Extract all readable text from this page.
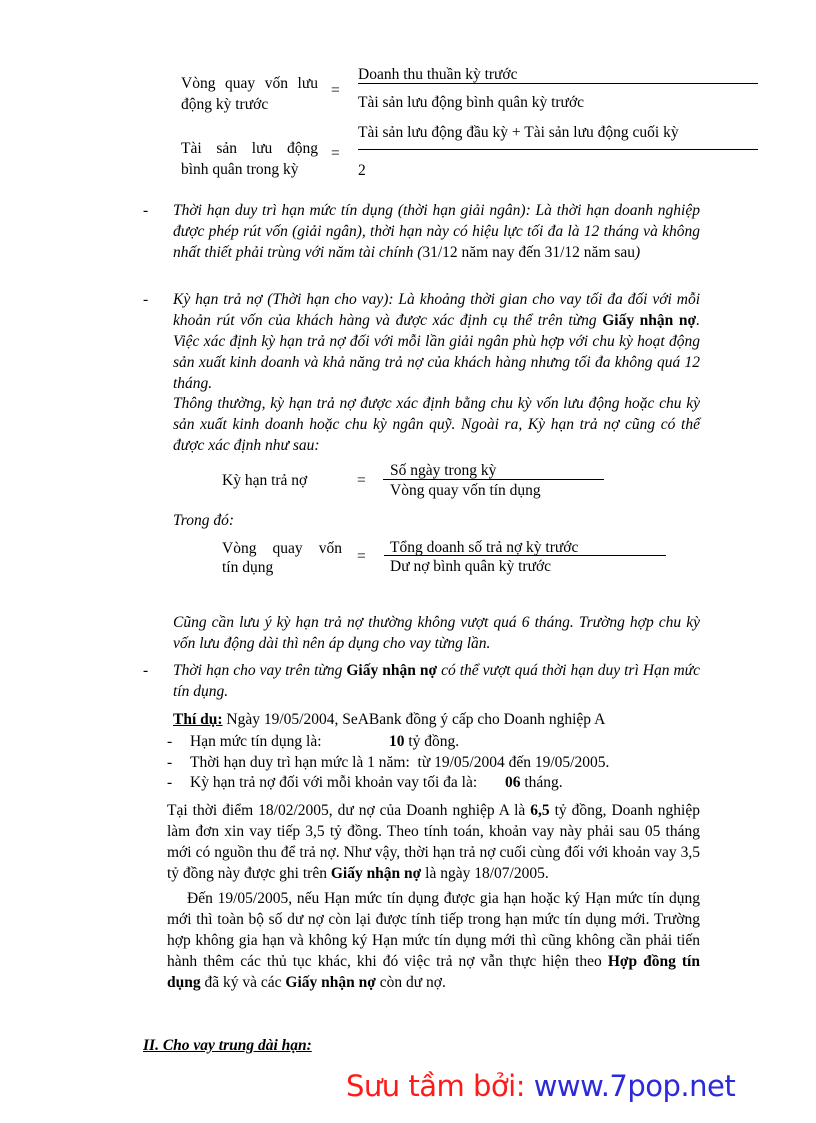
Vòng quay vốn lưu
động kỳ trước
=
Doanh thu thuần kỳ trước
Tài sản lưu động bình quân kỳ trước
Tài sản lưu động
bình quân trong kỳ
=
Tài sản lưu động đầu kỳ + Tài sản lưu động cuối kỳ
2
- Thời hạn duy trì hạn mức tín dụng (thời hạn giải ngân): Là thời hạn doanh nghiệp được phép rút vốn (giải ngân), thời hạn này có hiệu lực tối đa là 12 tháng và không nhất thiết phải trùng với năm tài chính (31/12 năm nay đến 31/12 năm sau)
- Kỳ hạn trả nợ (Thời hạn cho vay): Là khoảng thời gian cho vay tối đa đối với mỗi khoản rút vốn của khách hàng và được xác định cụ thể trên từng Giấy nhận nợ. Việc xác định kỳ hạn trả nợ đối với mỗi lần giải ngân phù hợp với chu kỳ hoạt động sản xuất kinh doanh và khả năng trả nợ của khách hàng nhưng tối đa không quá 12 tháng.
Thông thường, kỳ hạn trả nợ được xác định bằng chu kỳ vốn lưu động hoặc chu kỳ sản xuất kinh doanh hoặc chu kỳ ngân quỹ. Ngoài ra, Kỳ hạn trả nợ cũng có thể được xác định như sau:
Kỳ hạn trả nợ	=
Số ngày trong kỳ
Vòng quay vốn tín dụng
Trong đó:
Vòng quay vốn
tín dụng
=
Tổng doanh số trả nợ kỳ trước
Dư nợ bình quân kỳ trước
Cũng cần lưu ý kỳ hạn trả nợ thường không vượt quá 6 tháng. Trường hợp chu kỳ vốn lưu động dài thì nên áp dụng cho vay từng lần.
- Thời hạn cho vay trên từng Giấy nhận nợ có thể vượt quá thời hạn duy trì Hạn mức tín dụng.
Thí dụ: Ngày 19/05/2004, SeABank đồng ý cấp cho Doanh nghiệp A
- Hạn mức tín dụng là:	10 tỷ đồng.
- Thời hạn duy trì hạn mức là 1 năm:  từ 19/05/2004 đến 19/05/2005.
- Kỳ hạn trả nợ đối với mỗi khoản vay tối đa là: 06 tháng.
Tại thời điểm 18/02/2005, dư nợ của Doanh nghiệp A là 6,5 tỷ đồng, Doanh nghiệp làm đơn xin vay tiếp 3,5 tỷ đồng. Theo tính toán, khoản vay này phải sau 05 tháng mới có nguồn thu để trả nợ. Như vậy, thời hạn trả nợ cuối cùng đối với khoản vay 3,5 tỷ đồng này được ghi trên Giấy nhận nợ là ngày 18/07/2005.
Đến 19/05/2005, nếu Hạn mức tín dụng được gia hạn hoặc ký Hạn mức tín dụng mới thì toàn bộ số dư nợ còn lại được tính tiếp trong hạn mức tín dụng mới. Trường hợp không gia hạn và không ký Hạn mức tín dụng mới thì cũng không cần phải tiến hành thêm các thủ tục khác, khi đó việc trả nợ vẫn thực hiện theo Hợp đồng tín dụng đã ký và các Giấy nhận nợ còn dư nợ.
II. Cho vay trung dài hạn:
Sưu tầm bởi: www.7pop.net
